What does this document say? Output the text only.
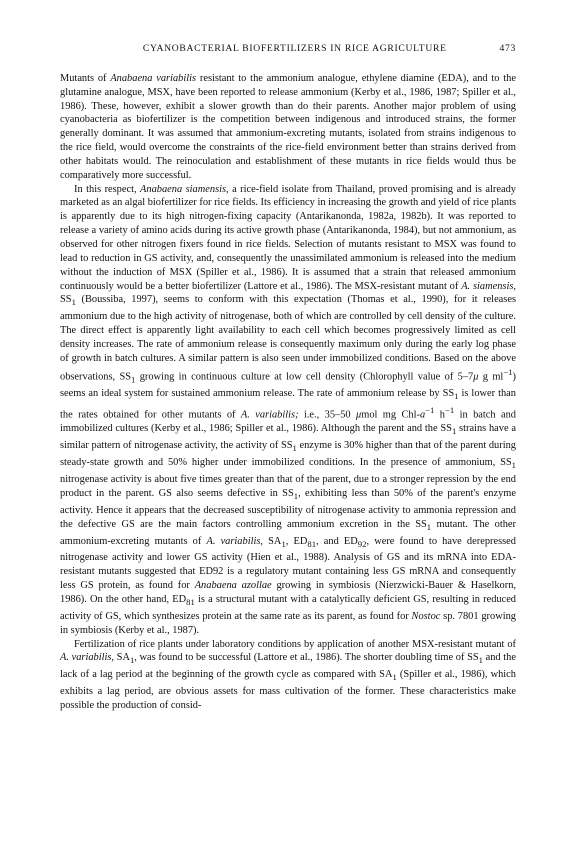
CYANOBACTERIAL BIOFERTILIZERS IN RICE AGRICULTURE	473

Mutants of Anabaena variabilis resistant to the ammonium analogue, ethylene diamine (EDA), and to the glutamine analogue, MSX, have been reported to release ammonium (Kerby et al., 1986, 1987; Spiller et al., 1986). These, however, exhibit a slower growth than do their parents. Another major problem of using cyanobacteria as biofertilizer is the competition between indigenous and introduced strains, the former generally dominant. It was assumed that ammonium-excreting mutants, isolated from strains indigenous to the rice field, would overcome the constraints of the rice-field environment better than strains derived from other habitats would. The reinoculation and establishment of these mutants in rice fields would thus be comparatively more successful.

In this respect, Anabaena siamensis, a rice-field isolate from Thailand, proved promising and is already marketed as an algal biofertilizer for rice fields. Its efficiency in increasing the growth and yield of rice plants is apparently due to its high nitrogen-fixing capacity (Antarikanonda, 1982a, 1982b). It was reported to release a variety of amino acids during its active growth phase (Antarikanonda, 1984), but not ammonium, as observed for other nitrogen fixers found in rice fields. Selection of mutants resistant to MSX was found to lead to reduction in GS activity, and, consequently the unassimilated ammonium is released into the medium without the induction of MSX (Spiller et al., 1986). It is assumed that a strain that released ammonium continuously would be a better biofertilizer (Lattore et al., 1986). The MSX-resistant mutant of A. siamensis, $SS_1$ (Boussiba, 1997), seems to conform with this expectation (Thomas et al., 1990), for it releases ammonium due to the high activity of nitrogenase, both of which are controlled by cell density of the culture. The direct effect is apparently light availability to each cell which becomes progressively limited as cell density increases. The rate of ammonium release is consequently maximum only during the early log phase of growth in batch cultures. A similar pattern is also seen under immobilized conditions. Based on the above observations, $SS_1$ growing in continuous culture at low cell density (Chlorophyll value of 5–7μ g $ml^{-1}$) seems an ideal system for sustained ammonium release. The rate of ammonium release by $SS_1$ is lower than the rates obtained for other mutants of A. variabilis; i.e., 35–50 μmol mg Chl-$a^{-1}$ $h^{-1}$ in batch and immobilized cultures (Kerby et al., 1986; Spiller et al., 1986). Although the parent and the $SS_1$ strains have a similar pattern of nitrogenase activity, the activity of $SS_1$ enzyme is 30% higher than that of the parent during steady-state growth and 50% higher under immobilized conditions. In the presence of ammonium, $SS_1$ nitrogenase activity is about five times greater than that of the parent, due to a stronger repression by the end product in the parent. GS also seems defective in $SS_1$, exhibiting less than 50% of the parent's enzyme activity. Hence it appears that the decreased susceptibility of nitrogenase activity to ammonia repression and the defective GS are the main factors controlling ammonium excretion in the $SS_1$ mutant. The other ammonium-excreting mutants of A. variabilis, $SA_1$, $ED_{81}$, and $ED_{92}$, were found to have derepressed nitrogenase activity and lower GS activity (Hien et al., 1988). Analysis of GS and its mRNA into EDA-resistant mutants suggested that ED92 is a regulatory mutant containing less GS mRNA and consequently less GS protein, as found for Anabaena azollae growing in symbiosis (Nierzwicki-Bauer & Haselkorn, 1986). On the other hand, $ED_{81}$ is a structural mutant with a catalytically deficient GS, resulting in reduced activity of GS, which synthesizes protein at the same rate as its parent, as found for Nostoc sp. 7801 growing in symbiosis (Kerby et al., 1987).

Fertilization of rice plants under laboratory conditions by application of another MSX-resistant mutant of A. variabilis, $SA_1$, was found to be successful (Lattore et al., 1986). The shorter doubling time of $SS_1$ and the lack of a lag period at the beginning of the growth cycle as compared with $SA_1$ (Spiller et al., 1986), which exhibits a lag period, are obvious assets for mass cultivation of the former. These characteristics make possible the production of consid-
